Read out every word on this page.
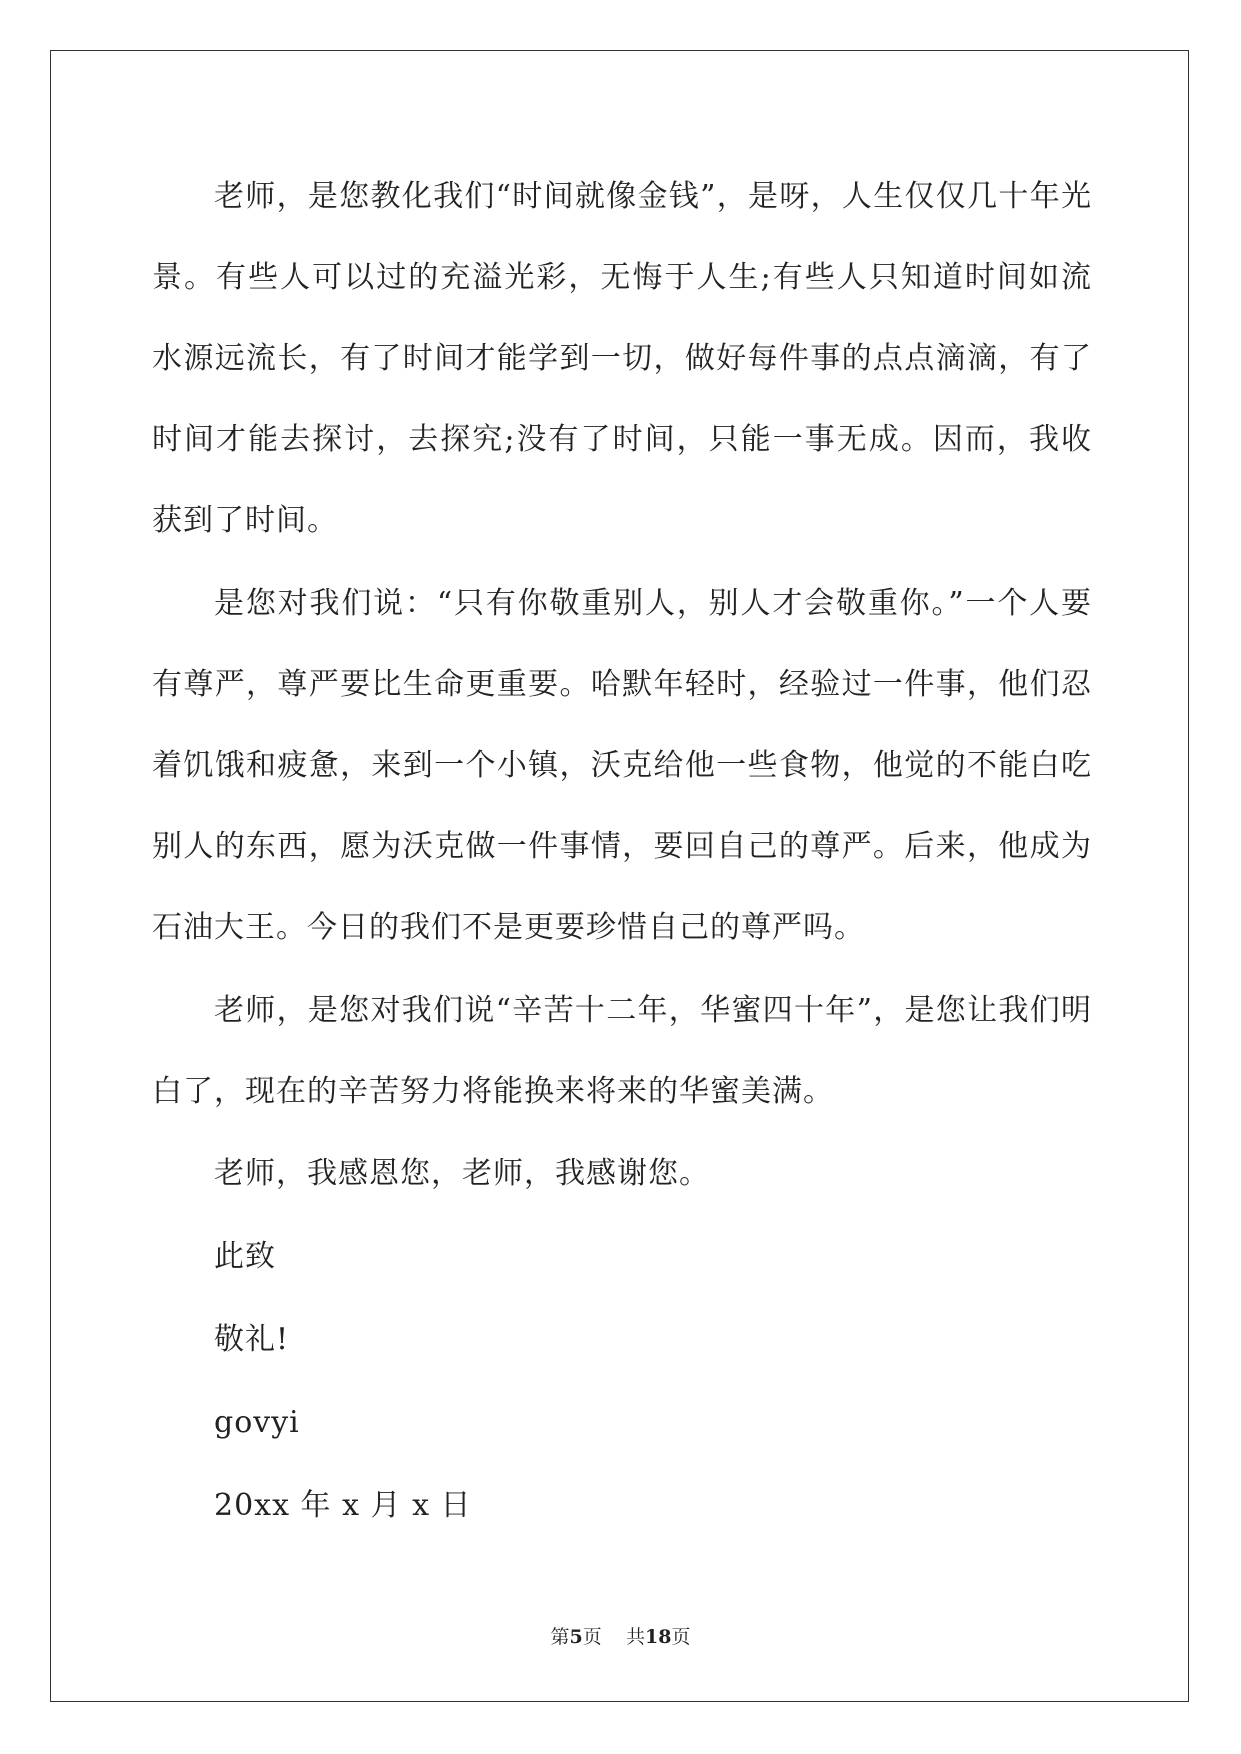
老师，是您教化我们“时间就像金钱”，是呀，人生仅仅几十年光景。有些人可以过的充溢光彩，无悔于人生;有些人只知道时间如流水源远流长，有了时间才能学到一切，做好每件事的点点滴滴，有了时间才能去探讨，去探究;没有了时间，只能一事无成。因而，我收获到了时间。

是您对我们说：“只有你敬重别人，别人才会敬重你。”一个人要有尊严，尊严要比生命更重要。哈默年轻时，经验过一件事，他们忍着饥饿和疲惫，来到一个小镇，沃克给他一些食物，他觉的不能白吃别人的东西，愿为沃克做一件事情，要回自己的尊严。后来，他成为石油大王。今日的我们不是更要珍惜自己的尊严吗。

老师，是您对我们说“辛苦十二年，华蜜四十年”，是您让我们明白了，现在的辛苦努力将能换来将来的华蜜美满。

老师，我感恩您，老师，我感谢您。

此致

敬礼!

govyi

20xx 年 x 月 x 日

第5页 共18页
